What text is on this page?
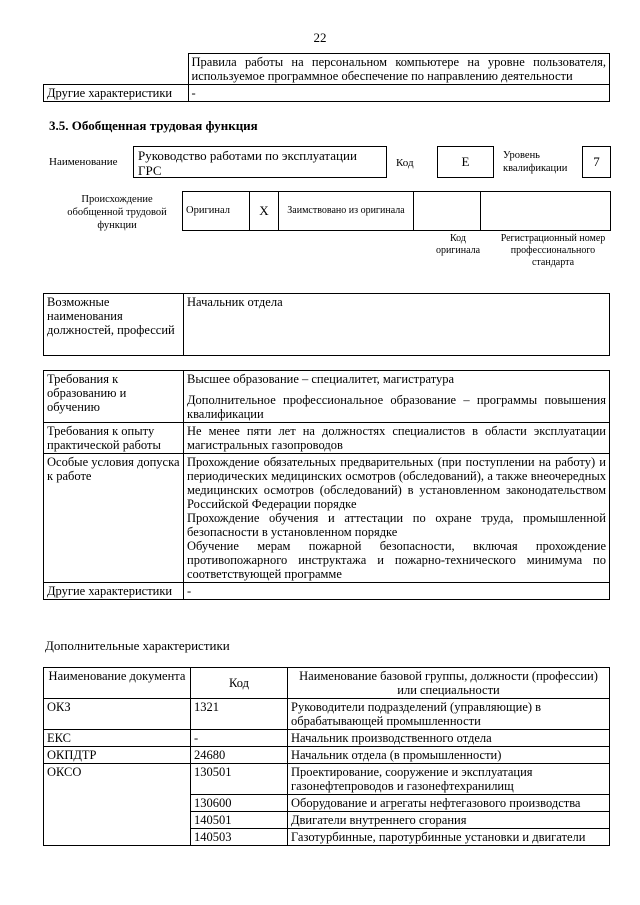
22
	Правила работы на персональном компьютере на уровне пользователя, используемое программное обеспечение по направлению деятельности
Другие характеристики	-
3.5. Обобщенная трудовая функция
Наименование	Руководство работами по эксплуатации ГРС	Код	E	Уровень квалификации	7
Происхождение обобщенной трудовой функции
Оригинал	X	Заимствовано из оригинала		
Код оригинала
Регистрационный номер профессионального стандарта
Возможные наименования должностей, профессий	Начальник отдела
Требования к образованию и обучению	Высшее образование – специалитет, магистратура
Дополнительное профессиональное образование – программы повышения квалификации

Требования к опыту практической работы	Не менее пяти лет на должностях специалистов в области эксплуатации магистральных газопроводов
Особые условия допуска к работе	Прохождение обязательных предварительных (при поступлении на работу) и периодических медицинских осмотров (обследований), а также внеочередных медицинских осмотров (обследований) в установленном законодательством Российской Федерации порядке
Прохождение обучения и аттестации по охране труда, промышленной безопасности в установленном порядке
Обучение мерам пожарной безопасности, включая прохождение противопожарного инструктажа и пожарно-технического минимума по соответствующей программе

Другие характеристики	-
Дополнительные характеристики
Наименование документа	Код	Наименование базовой группы, должности (профессии) или специальности
ОКЗ	1321	Руководители подразделений (управляющие) в обрабатывающей промышленности
ЕКС	-	Начальник производственного отдела
ОКПДТР	24680	Начальник отдела (в промышленности)
ОКСО	130501	Проектирование, сооружение и эксплуатация газонефтепроводов и газонефтехранилищ
	130600	Оборудование и агрегаты нефтегазового производства
	140501	Двигатели внутреннего сгорания
	140503	Газотурбинные, паротурбинные установки и двигатели
